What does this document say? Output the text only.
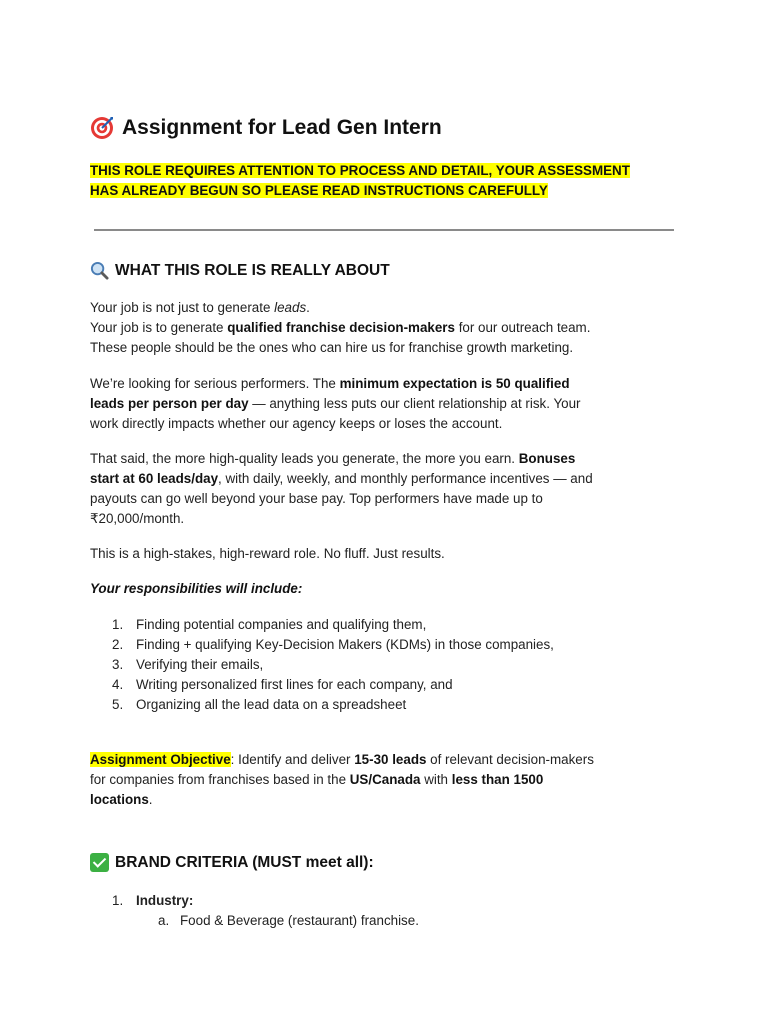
Assignment for Lead Gen Intern
THIS ROLE REQUIRES ATTENTION TO PROCESS AND DETAIL, YOUR ASSESSMENT
HAS ALREADY BEGUN SO PLEASE READ INSTRUCTIONS CAREFULLY
WHAT THIS ROLE IS REALLY ABOUT
Your job is not just to generate leads.
Your job is to generate qualified franchise decision-makers for our outreach team.
These people should be the ones who can hire us for franchise growth marketing.
We’re looking for serious performers. The minimum expectation is 50 qualified
leads per person per day — anything less puts our client relationship at risk. Your
work directly impacts whether our agency keeps or loses the account.
That said, the more high-quality leads you generate, the more you earn. Bonuses
start at 60 leads/day, with daily, weekly, and monthly performance incentives — and
payouts can go well beyond your base pay. Top performers have made up to
₹20,000/month.
This is a high-stakes, high-reward role. No fluff. Just results.
Your responsibilities will include:
1. Finding potential companies and qualifying them,
2. Finding + qualifying Key-Decision Makers (KDMs) in those companies,
3. Verifying their emails,
4. Writing personalized first lines for each company, and
5. Organizing all the lead data on a spreadsheet
Assignment Objective: Identify and deliver 15-30 leads of relevant decision-makers
for companies from franchises based in the US/Canada with less than 1500
locations.
BRAND CRITERIA (MUST meet all):
1. Industry:
a. Food & Beverage (restaurant) franchise.
